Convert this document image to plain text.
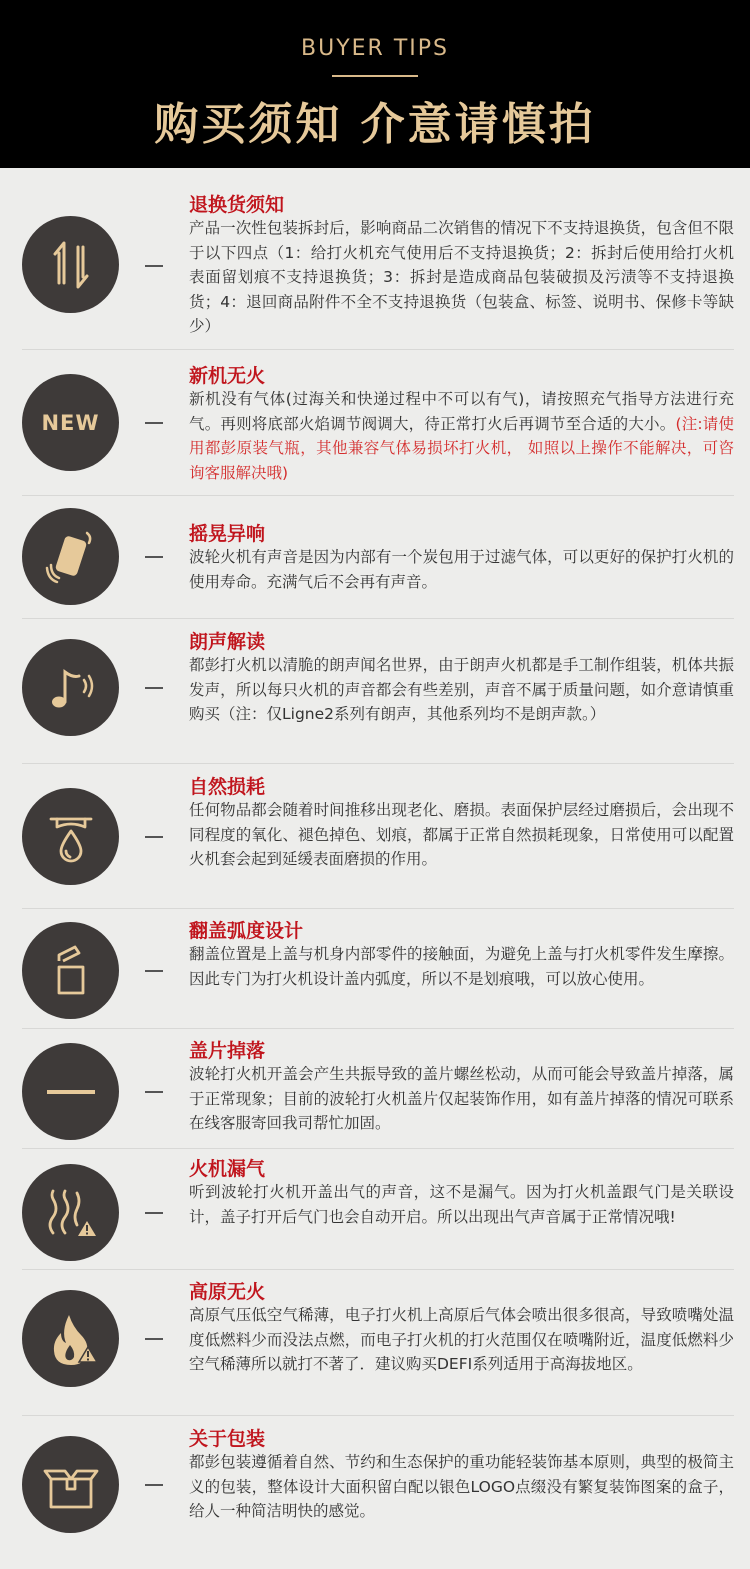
BUYER TIPS
购买须知 介意请慎拍
退换货须知
产品一次性包装拆封后，影响商品二次销售的情况下不支持退换货，包含但不限于以下四点（1：给打火机充气使用后不支持退换货；2：拆封后使用给打火机表面留划痕不支持退换货；3：拆封是造成商品包装破损及污渍等不支持退换货；4：退回商品附件不全不支持退换货（包装盒、标签、说明书、保修卡等缺少）
NEW
新机无火
新机没有气体(过海关和快递过程中不可以有气)，请按照充气指导方法进行充气。再则将底部火焰调节阀调大，待正常打火后再调节至合适的大小。(注:请使用都彭原装气瓶，其他兼容气体易损坏打火机， 如照以上操作不能解决，可咨询客服解决哦)
摇晃异响
波轮火机有声音是因为内部有一个炭包用于过滤气体，可以更好的保护打火机的使用寿命。充满气后不会再有声音。
朗声解读
都彭打火机以清脆的朗声闻名世界，由于朗声火机都是手工制作组装，机体共振发声，所以每只火机的声音都会有些差别，声音不属于质量问题，如介意请慎重购买（注：仅Ligne2系列有朗声，其他系列均不是朗声款。）
自然损耗
任何物品都会随着时间推移出现老化、磨损。表面保护层经过磨损后，会出现不同程度的氧化、褪色掉色、划痕，都属于正常自然损耗现象，日常使用可以配置火机套会起到延缓表面磨损的作用。
翻盖弧度设计
翻盖位置是上盖与机身内部零件的接触面，为避免上盖与打火机零件发生摩擦。因此专门为打火机设计盖内弧度，所以不是划痕哦，可以放心使用。
盖片掉落
波轮打火机开盖会产生共振导致的盖片螺丝松动，从而可能会导致盖片掉落，属于正常现象；目前的波轮打火机盖片仅起装饰作用，如有盖片掉落的情况可联系在线客服寄回我司帮忙加固。
火机漏气
听到波轮打火机开盖出气的声音，这不是漏气。因为打火机盖跟气门是关联设计，盖子打开后气门也会自动开启。所以出现出气声音属于正常情况哦!
高原无火
高原气压低空气稀薄，电子打火机上高原后气体会喷出很多很高，导致喷嘴处温度低燃料少而没法点燃，而电子打火机的打火范围仅在喷嘴附近，温度低燃料少空气稀薄所以就打不著了．建议购买DEFI系列适用于高海拔地区。
关于包装
都彭包装遵循着自然、节约和生态保护的重功能轻装饰基本原则，典型的极简主义的包装，整体设计大面积留白配以银色LOGO点缀没有繁复装饰图案的盒子，给人一种简洁明快的感觉。
